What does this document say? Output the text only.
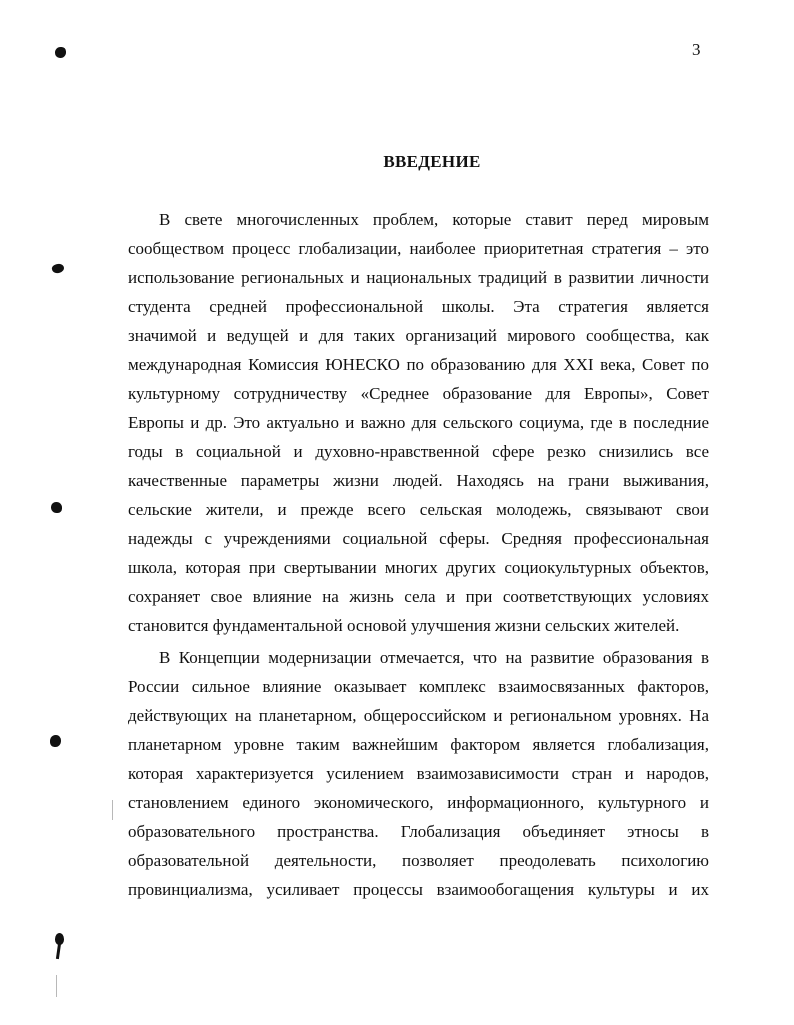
3
ВВЕДЕНИЕ
В свете многочисленных проблем, которые ставит перед мировым
сообществом процесс глобализации, наиболее приоритетная стратегия – это
использование региональных и национальных традиций в развитии личности
студента средней профессиональной школы. Эта стратегия является
значимой и ведущей и для таких организаций мирового сообщества, как
международная Комиссия ЮНЕСКО по образованию для XXI века, Совет по
культурному сотрудничеству «Среднее образование для Европы», Совет
Европы и др. Это актуально и важно для сельского социума, где в последние
годы в социальной и духовно-нравственной сфере резко снизились все
качественные параметры жизни людей. Находясь на грани выживания,
сельские жители, и прежде всего сельская молодежь, связывают свои
надежды с учреждениями социальной сферы. Средняя профессиональная
школа, которая при свертывании многих других социокультурных объектов,
сохраняет свое влияние на жизнь села и при соответствующих условиях
становится фундаментальной основой улучшения жизни сельских жителей.
В Концепции модернизации отмечается, что на развитие образования в
России сильное влияние оказывает комплекс взаимосвязанных факторов,
действующих на планетарном, общероссийском и региональном уровнях. На
планетарном уровне таким важнейшим фактором является глобализация,
которая характеризуется усилением взаимозависимости стран и народов,
становлением единого экономического, информационного, культурного и
образовательного пространства. Глобализация объединяет этносы в
образовательной деятельности, позволяет преодолевать психологию
провинциализма, усиливает процессы взаимообогащения культуры и их
